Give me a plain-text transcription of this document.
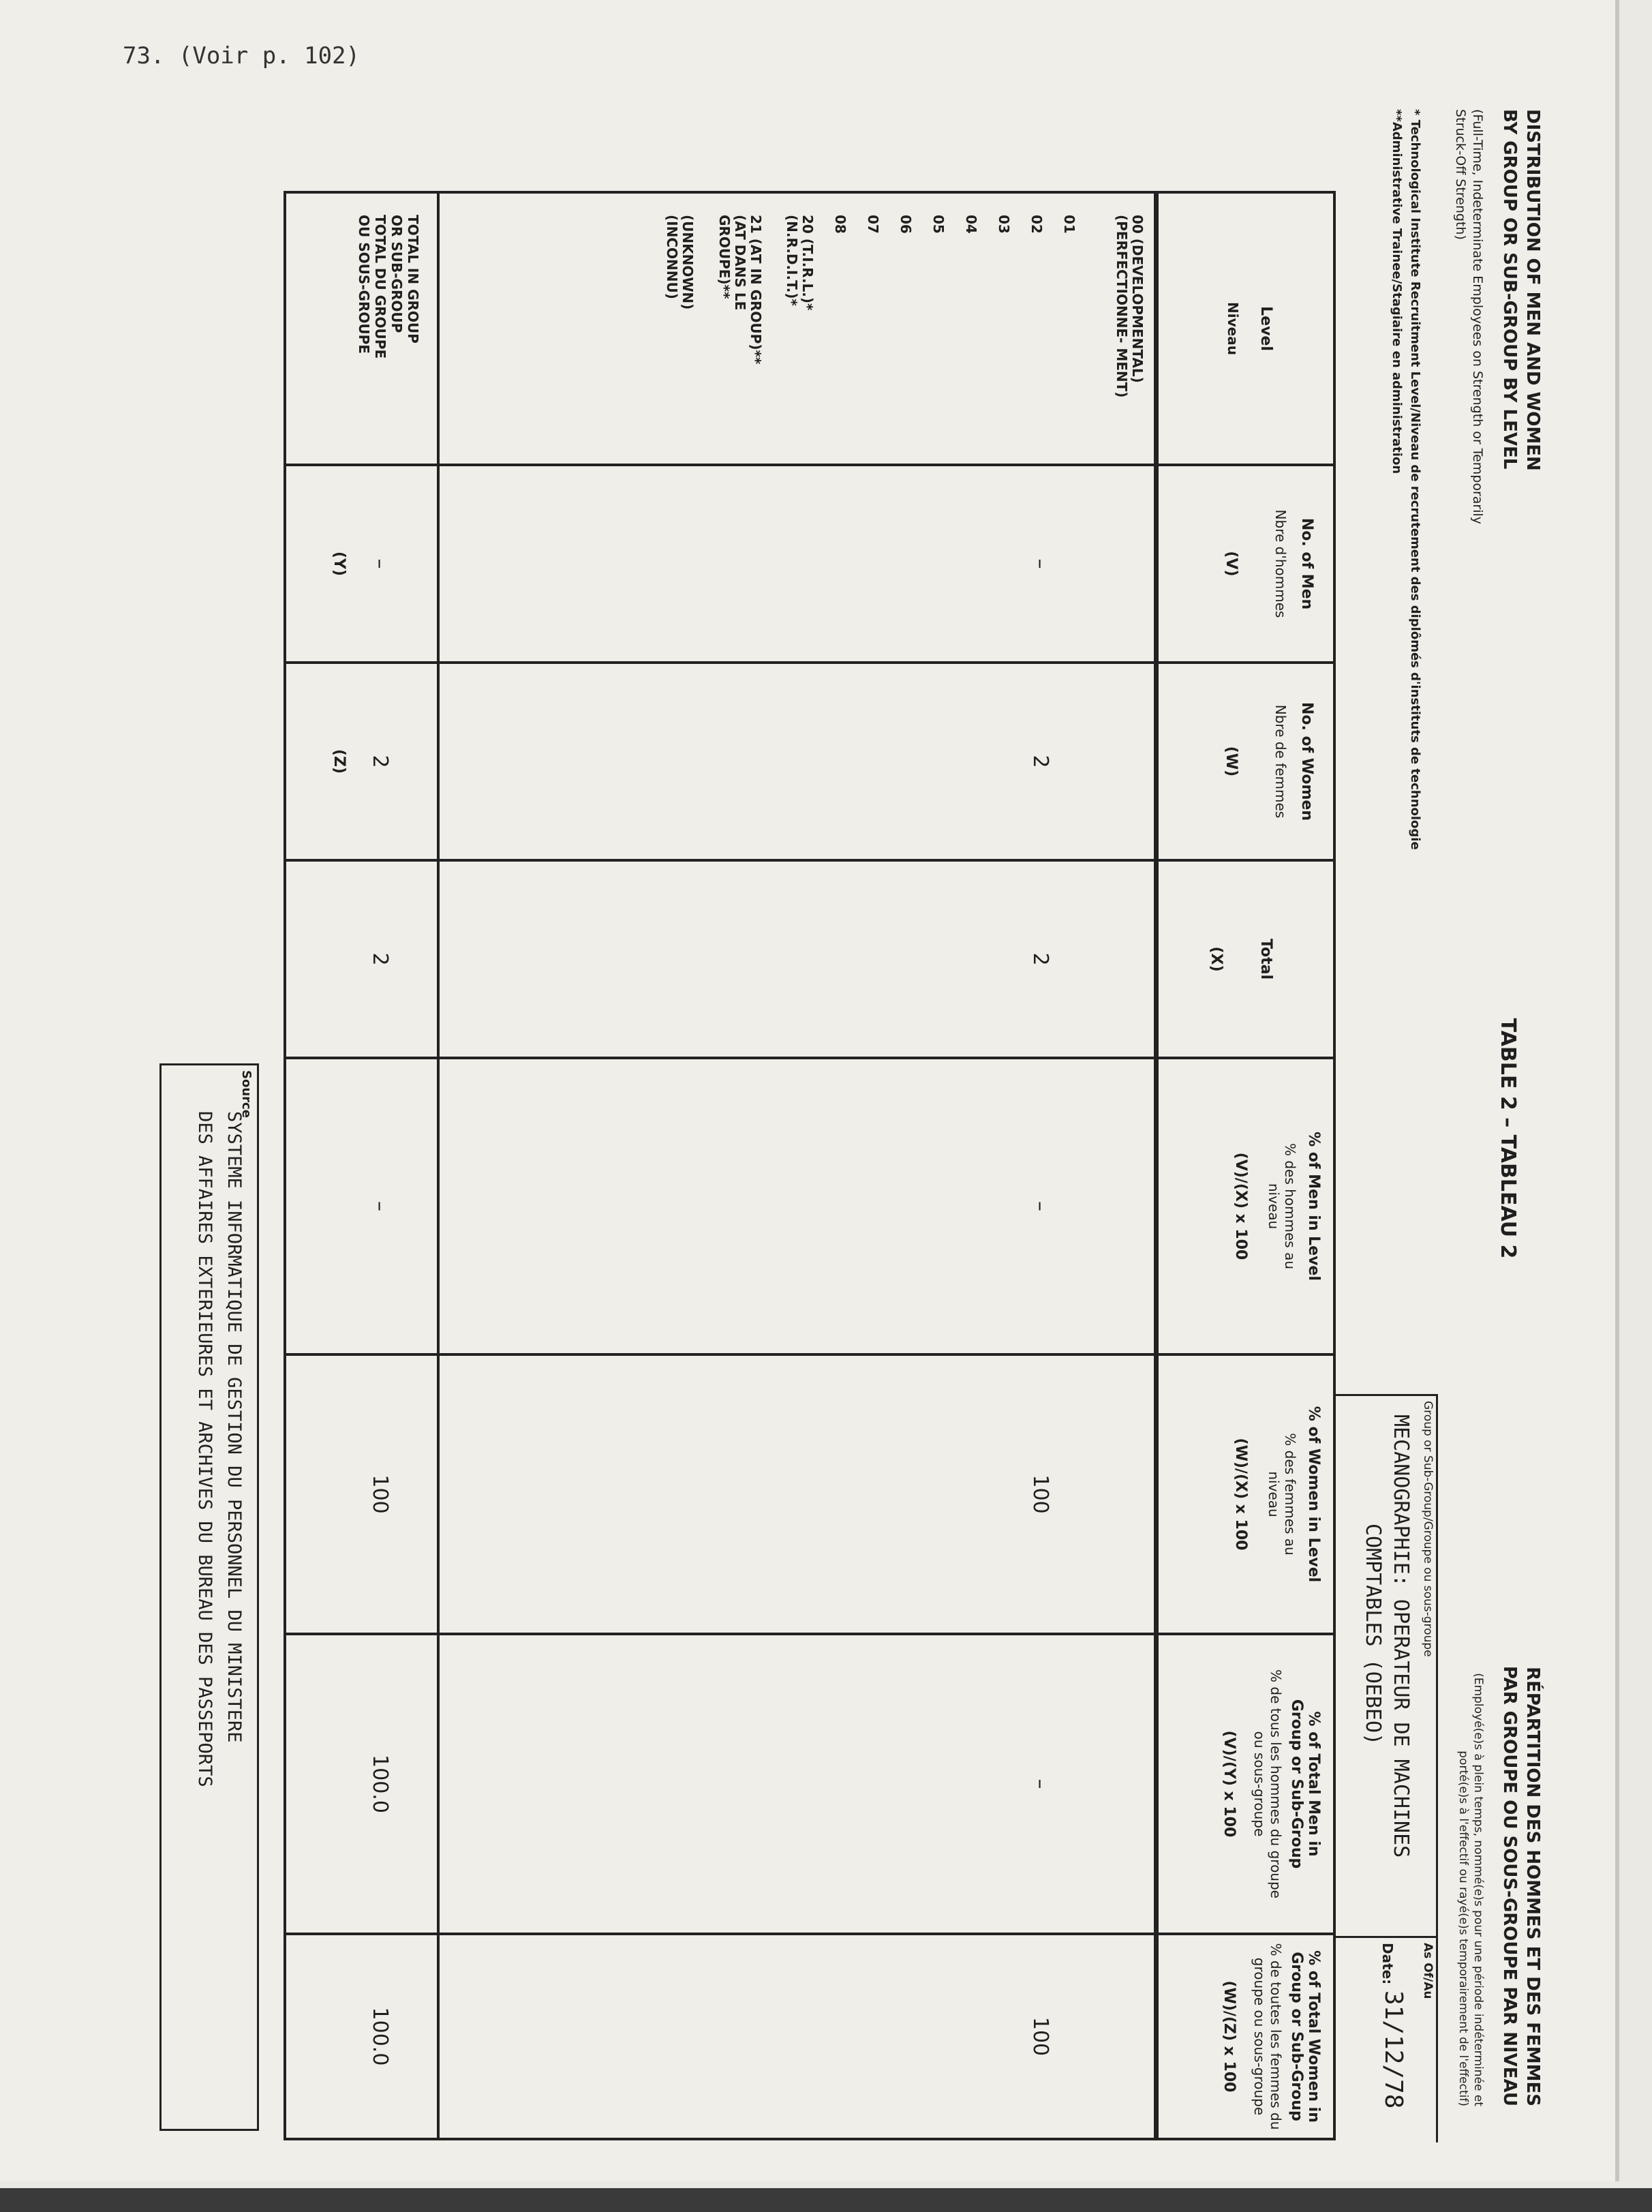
73. (Voir p. 102)
DISTRIBUTION OF MEN AND WOMEN
BY GROUP OR SUB-GROUP BY LEVEL
(Full-Time, Indeterminate Employees on Strength or Temporarily
Struck-Off Strength)
TABLE 2 – TABLEAU 2
RÉPARTITION DES HOMMES ET DES FEMMES
PAR GROUPE OU SOUS-GROUPE PAR NIVEAU
(Employé(e)s à plein temps, nommé(e)s pour une période indéterminée et
porté(e)s à l'effectif ou rayé(e)s temporairement de l'effectif)
* Technological Institute Recruitment Level/Niveau de recrutement des diplômés d'instituts de technologie
**Administrative Trainee/Stagiaire en administration
Group or Sub-Group/Groupe ou sous-groupe
MECANOGRAPHIE: OPERATEUR DE MACHINES
COMPTABLES (OEBEO)
As Of/Au
Date:
31/12/78
Level
Niveau
No. of Men
Nbre d'hommes
(V)
No. of Women
Nbre de femmes
(W)
Total
(X)
% of Men in Level
% des hommes au niveau
(V)/(X) x 100
% of Women in Level
% des femmes au niveau
(W)/(X) x 100
% of Total Men in Group or Sub-Group
% de tous les hommes du groupe ou sous-groupe
(V)/(Y) x 100
% of Total Women in Group or Sub-Group
% de toutes les femmes du groupe ou sous-groupe
(W)/(Z) x 100
00 (DEVELOPMENTAL) (PERFECTIONNE- MENT)
01
02
03
04
05
06
07
08
20 (T.I.R.L.)* (N.R.D.I.T.)*
21 (AT IN GROUP)** (AT DANS LE GROUPE)**
(UNKNOWN) (INCONNU)
–
2
2
–
100
–
100
TOTAL IN GROUP
OR SUB-GROUP
TOTAL DU GROUPE
OU SOUS-GROUPE
–
(Y)
2
(Z)
2
–
100
100.0
100.0
Source
SYSTEME INFORMATIQUE DE GESTION DU PERSONNEL DU MINISTERE
DES AFFAIRES EXTERIEURES ET ARCHIVES DU BUREAU DES PASSEPORTS
